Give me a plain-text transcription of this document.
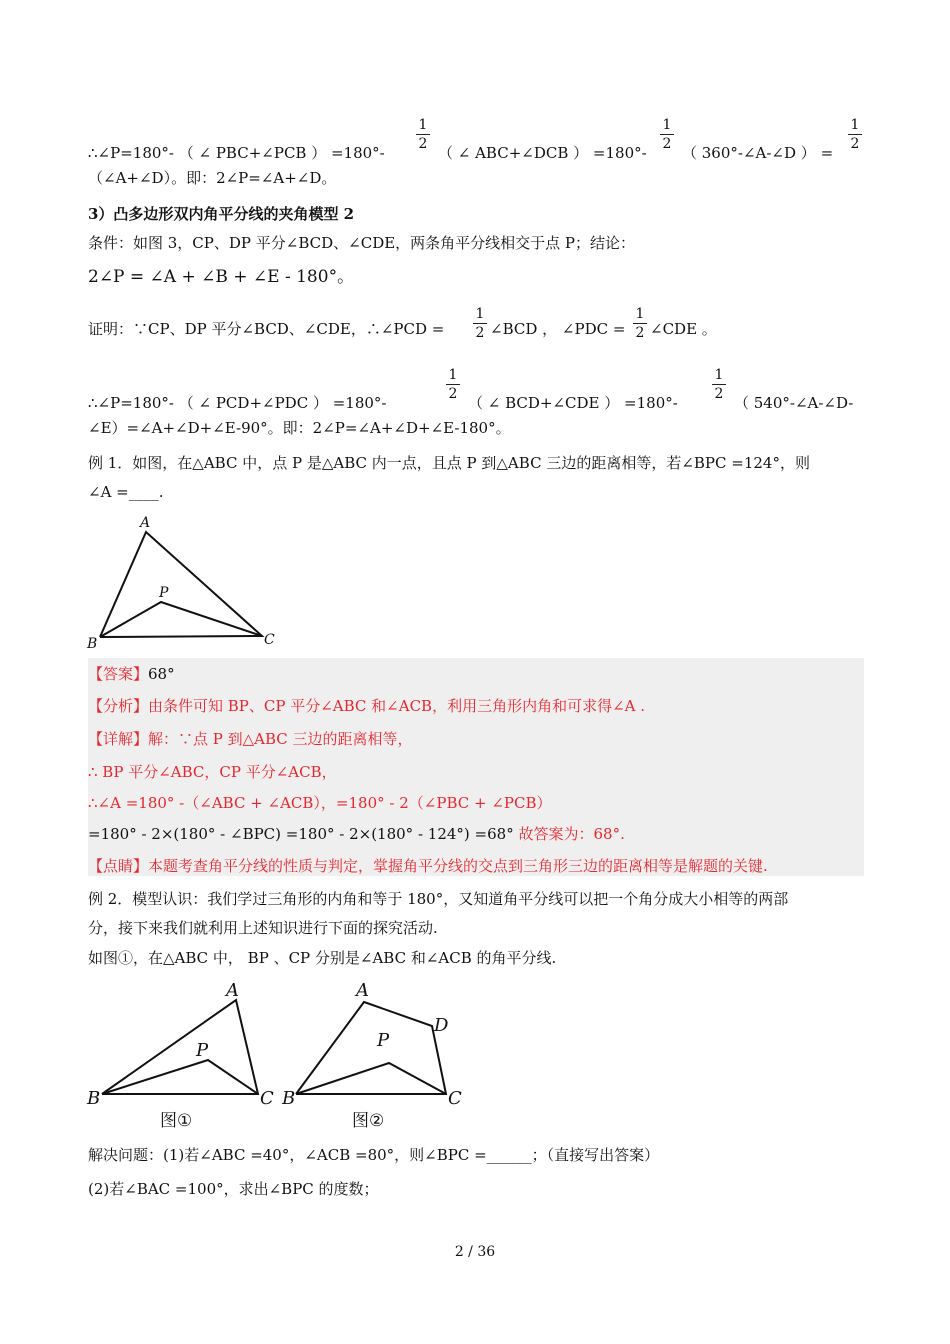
∴∠P=180°- （ ∠ PBC+∠PCB ） $=180^\circ- \frac{1}{2}$ （ ∠ ABC+∠DCB ） $=180^\circ- \frac{1}{2}$ （ 360°-∠A-∠D ） = $\frac{1}{2}$
（∠A+∠D）。即：2∠P=∠A+∠D。
3）凸多边形双内角平分线的夹角模型 2
条件：如图 3，CP、DP 平分∠BCD、∠CDE，两条角平分线相交于点 P；结论：
2∠P = ∠A + ∠B + ∠E - 180°。
证明：∵CP、DP 平分∠BCD、∠CDE，∴∠PCD = $\frac{1}{2}$ ∠BCD ， ∠PDC = $\frac{1}{2}$ ∠CDE 。
∴∠P=180°- （ ∠ PCD+∠PDC ） =180°-	$\frac{1}{2}$ （ ∠ BCD+∠CDE ） $=180^\circ- \frac{1}{2}$ （ 540°-∠A-∠D-
∠E）=∠A+∠D+∠E-90°。即：2∠P=∠A+∠D+∠E-180°。
例 1．如图，在△ABC 中，点 P 是△ABC 内一点，且点 P 到△ABC 三边的距离相等，若∠BPC =124°，则
∠A =____.
A
P
B	C
【答案】68°
【分析】由条件可知 BP、CP 平分∠ABC 和∠ACB，利用三角形内角和可求得∠A .
【详解】解：∵点 P 到△ABC 三边的距离相等，
∴ BP 平分∠ABC，CP 平分∠ACB，
∴∠A =180° -（∠ABC + ∠ACB），=180° - 2（∠PBC + ∠PCB）
=180° - 2×(180° - ∠BPC) =180° - 2×(180° - 124°) =68° 故答案为：68°.
【点睛】本题考查角平分线的性质与判定，掌握角平分线的交点到三角形三边的距离相等是解题的关键.
例 2．模型认识：我们学过三角形的内角和等于 180°，又知道角平分线可以把一个角分成大小相等的两部
分，接下来我们就利用上述知识进行下面的探究活动.
如图①，在△ABC 中， BP 、CP 分别是∠ABC 和∠ACB 的角平分线.
A
P
B	C
图①
A
D
P
B	C
图②
解决问题：(1)若∠ABC =40°，∠ACB =80°，则∠BPC =______；（直接写出答案）
(2)若∠BAC =100°，求出∠BPC 的度数；
2 / 36
